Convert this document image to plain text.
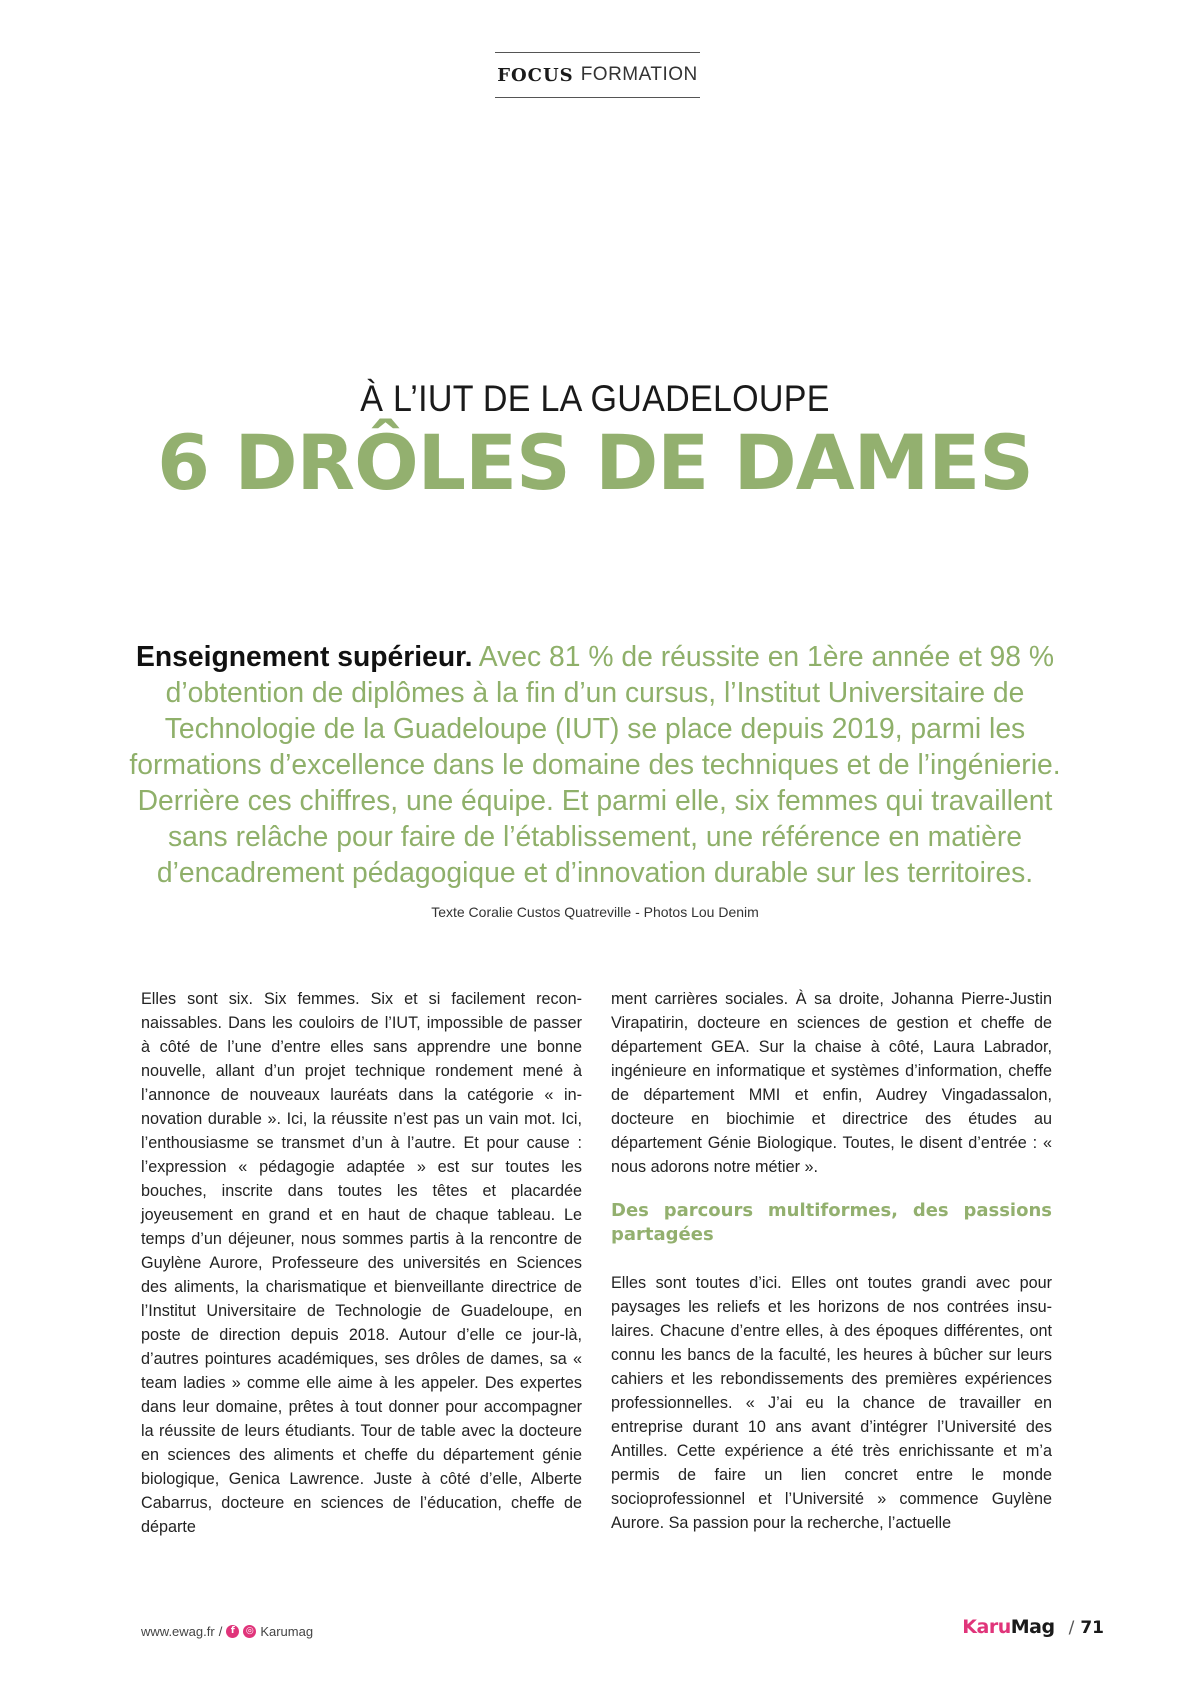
FOCUS FORMATION
À L’IUT DE LA GUADELOUPE
6 DRÔLES DE DAMES
Enseignement supérieur. Avec 81 % de réussite en 1ère année et 98 % d’obtention de diplômes à la fin d’un cursus, l’Institut Universitaire de Technologie de la Guadeloupe (IUT) se place depuis 2019, parmi les formations d’excellence dans le domaine des techniques et de l’ingénierie. Derrière ces chiffres, une équipe. Et parmi elle, six femmes qui travaillent sans relâche pour faire de l’établissement, une référence en matière d’encadrement pédagogique et d’innovation durable sur les territoires.
Texte Coralie Custos Quatreville - Photos Lou Denim

Elles sont six. Six femmes. Six et si facilement reconnaissables. Dans les couloirs de l’IUT, impossible de passer à côté de l’une d’entre elles sans apprendre une bonne nouvelle, allant d’un projet technique rondement mené à l’annonce de nouveaux lauréats dans la catégorie « innovation durable ». Ici, la réussite n’est pas un vain mot. Ici, l’enthousiasme se transmet d’un à l’autre. Et pour cause : l’expression « pédagogie adaptée » est sur toutes les bouches, inscrite dans toutes les têtes et placardée joyeusement en grand et en haut de chaque tableau. Le temps d’un déjeuner, nous sommes partis à la rencontre de Guylène Aurore, Professeure des universités en Sciences des aliments, la charismatique et bienveillante directrice de l’Institut Universitaire de Technologie de Guadeloupe, en poste de direction depuis 2018. Autour d’elle ce jour-là, d’autres pointures académiques, ses drôles de dames, sa « team ladies » comme elle aime à les appeler. Des expertes dans leur domaine, prêtes à tout donner pour accompagner la réussite de leurs étudiants. Tour de table avec la docteure en sciences des aliments et cheffe du département génie biologique, Genica Lawrence. Juste à côté d’elle, Alberte Cabarrus, docteure en sciences de l’éducation, cheffe de départe

ment carrières sociales. À sa droite, Johanna Pierre-Justin Virapatirin, docteure en sciences de gestion et cheffe de département GEA. Sur la chaise à côté, Laura Labrador, ingénieure en informatique et systèmes d’information, cheffe de département MMI et enfin, Audrey Vingadassalon, docteure en biochimie et directrice des études au département Génie Biologique. Toutes, le disent d’entrée : « nous adorons notre métier ».

Des parcours multiformes, des passions partagées

Elles sont toutes d’ici. Elles ont toutes grandi avec pour paysages les reliefs et les horizons de nos contrées insulaires. Chacune d’entre elles, à des époques différentes, ont connu les bancs de la faculté, les heures à bûcher sur leurs cahiers et les rebondissements des premières expériences professionnelles. « J’ai eu la chance de travailler en entreprise durant 10 ans avant d’intégrer l’Université des Antilles. Cette expérience a été très enrichissante et m’a permis de faire un lien concret entre le monde socioprofessionnel et l’Université » commence Guylène Aurore. Sa passion pour la recherche, l’actuelle

www.ewag.fr / f	◎ Karumag	KaruMag / 71
